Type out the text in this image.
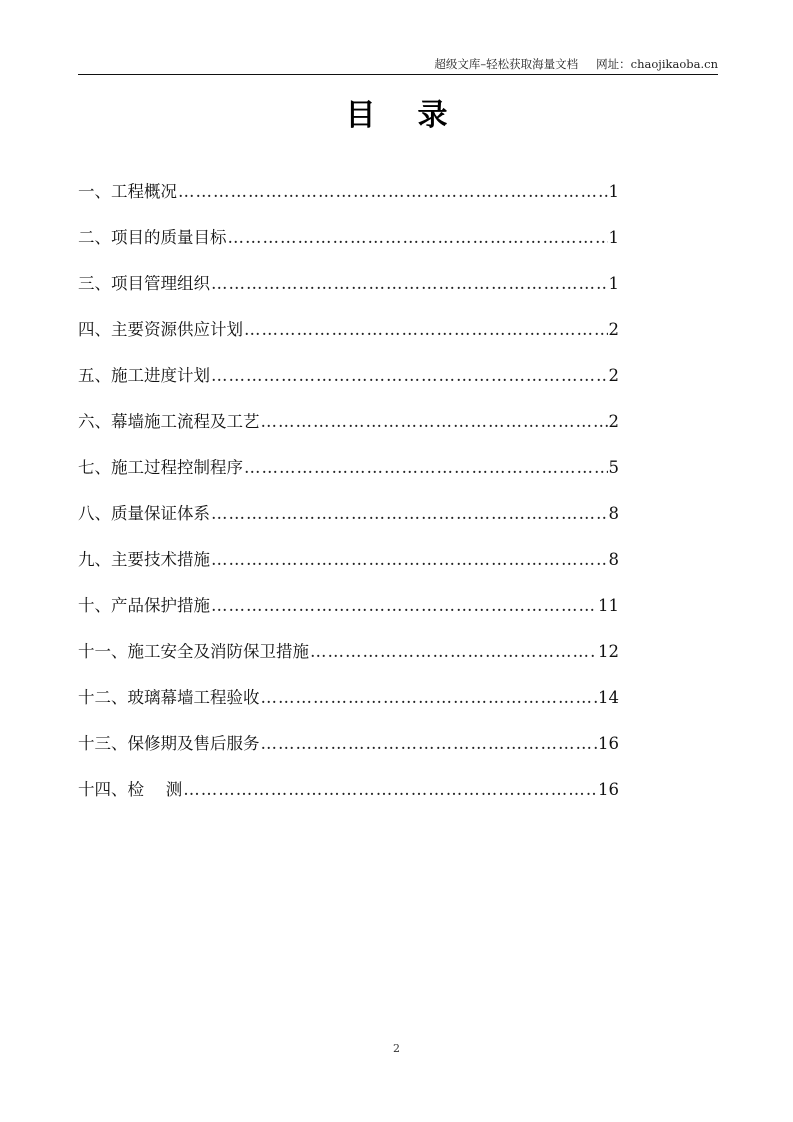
超级文库–轻松获取海量文档 网址：chaojikaoba.cn
目录
一、工程概况 ……………………………………………………………………………………………………	1
二、项目的质量目标 ……………………………………………………………………………………………………	1
三、项目管理组织 ……………………………………………………………………………………………………	1
四、主要资源供应计划 ……………………………………………………………………………………………………	2
五、施工进度计划 ……………………………………………………………………………………………………	2
六、幕墙施工流程及工艺 ……………………………………………………………………………………………………	2
七、施工过程控制程序 ……………………………………………………………………………………………………	5
八、质量保证体系 ……………………………………………………………………………………………………	8
九、主要技术措施 ……………………………………………………………………………………………………	8
十、产品保护措施 ……………………………………………………………………………………………………	11
十一、施工安全及消防保卫措施 ……………………………………………………………………………………………………	12
十二、玻璃幕墙工程验收 ……………………………………………………………………………………………………	14
十三、保修期及售后服务 ……………………………………………………………………………………………………	16
十四、检　 测 ……………………………………………………………………………………………………	16
2
